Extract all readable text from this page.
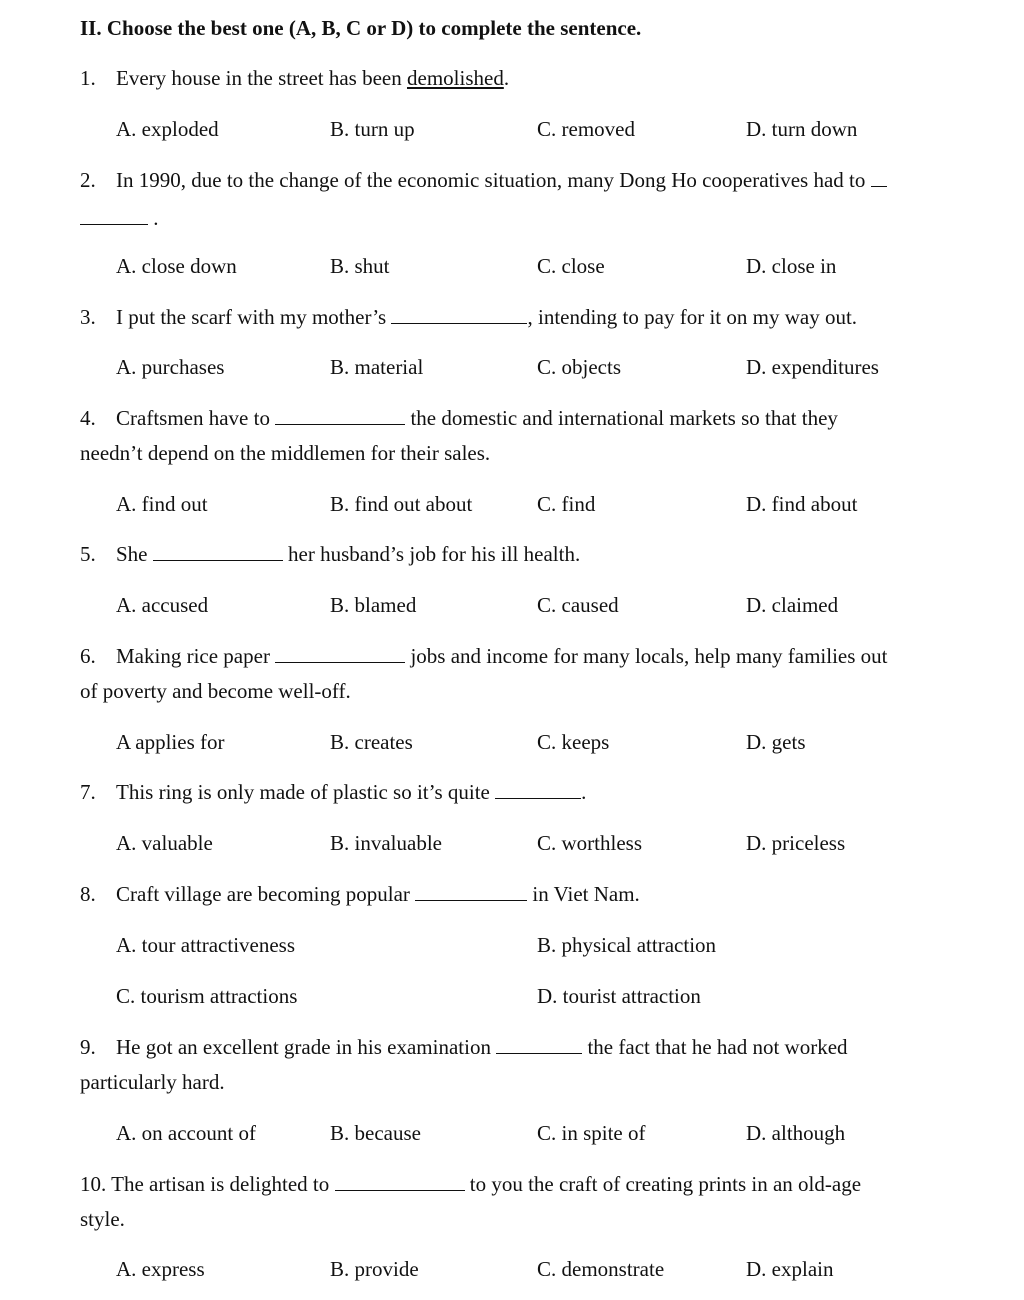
II. Choose the best one (A, B, C or D) to complete the sentence.
1. Every house in the street has been demolished.
A. exploded	B. turn up	C. removed	D. turn down
2. In 1990, due to the change of the economic situation, many Dong Ho cooperatives had to
.
A. close down	B. shut	C. close	D. close in
3. I put the scarf with my mother’s	, intending to pay for it on my way out.
A. purchases	B. material	C. objects	D. expenditures
4. Craftsmen have to	the domestic and international markets so that they
needn’t depend on the middlemen for their sales.
A. find out	B. find out about	C. find	D. find about
5. She	her husband’s job for his ill health.
A. accused	B. blamed	C. caused	D. claimed
6. Making rice paper	jobs and income for many locals, help many families out
of poverty and become well-off.
A applies for	B. creates	C. keeps	D. gets
7. This ring is only made of plastic so it’s quite	.
A. valuable	B. invaluable	C. worthless	D. priceless
8. Craft village are becoming popular	in Viet Nam.
A. tour attractiveness	B. physical attraction
C. tourism attractions	D. tourist attraction
9. He got an excellent grade in his examination	the fact that he had not worked
particularly hard.
A. on account of	B. because	C. in spite of	D. although
10. The artisan is delighted to	to you the craft of creating prints in an old-age
style.
A. express	B. provide	C. demonstrate	D. explain
